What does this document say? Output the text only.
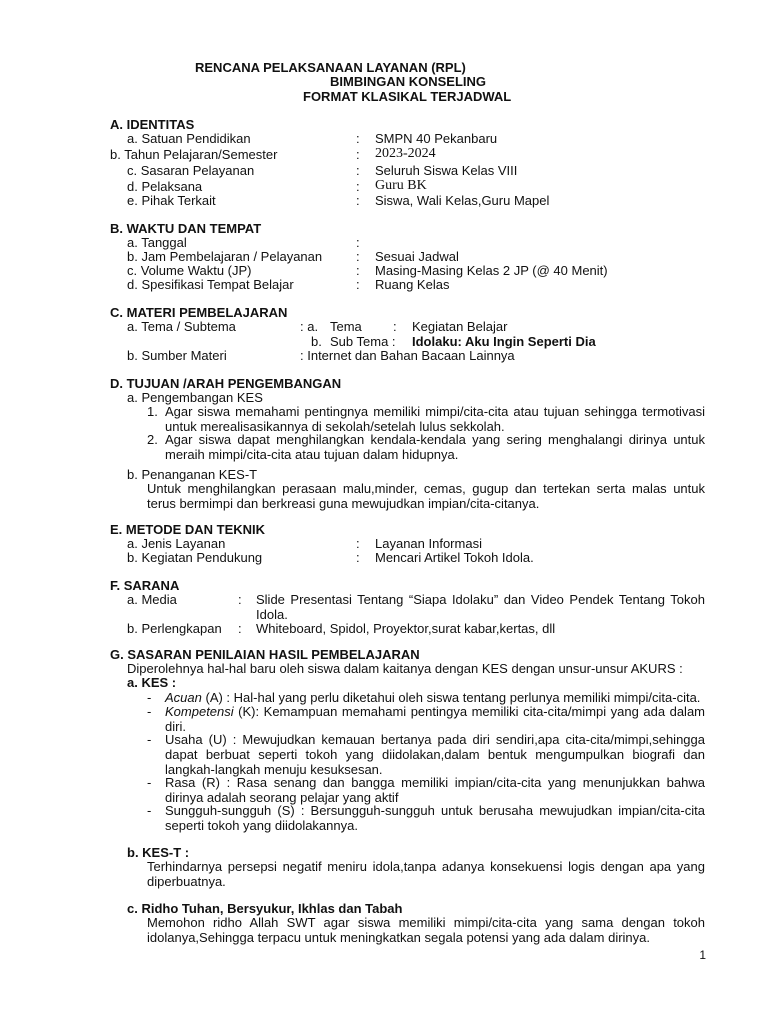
RENCANA PELAKSANAAN LAYANAN (RPL)
BIMBINGAN KONSELING
FORMAT KLASIKAL TERJADWAL
A. IDENTITAS
a. Satuan Pendidikan	: SMPN 40 Pekanbaru
b. Tahun Pelajaran/Semester	: 2023-2024
c. Sasaran Pelayanan	: Seluruh Siswa Kelas VIII
d. Pelaksana	: Guru BK
e. Pihak Terkait	: Siswa, Wali Kelas,Guru Mapel
B. WAKTU DAN TEMPAT
a. Tanggal	:
b. Jam Pembelajaran / Pelayanan	: Sesuai Jadwal
c. Volume Waktu (JP)	: Masing-Masing Kelas 2 JP (@ 40 Menit)
d. Spesifikasi Tempat Belajar	: Ruang Kelas
C. MATERI PEMBELAJARAN
a. Tema / Subtema	: a. Tema : Kegiatan Belajar
b. Sub Tema : Idolaku: Aku Ingin Seperti Dia
b. Sumber Materi	: Internet dan Bahan Bacaan Lainnya
D. TUJUAN /ARAH PENGEMBANGAN
a. Pengembangan KES
1. Agar siswa memahami pentingnya memiliki mimpi/cita-cita atau tujuan sehingga termotivasi untuk merealisasikannya di sekolah/setelah lulus sekkolah.
2. Agar siswa dapat menghilangkan kendala-kendala yang sering menghalangi dirinya untuk meraih mimpi/cita-cita atau tujuan dalam hidupnya.
b. Penanganan KES-T
Untuk menghilangkan perasaan malu,minder, cemas, gugup dan tertekan serta malas untuk terus bermimpi dan berkreasi guna mewujudkan impian/cita-citanya.
E. METODE DAN TEKNIK
a. Jenis Layanan	: Layanan Informasi
b. Kegiatan Pendukung	: Mencari Artikel Tokoh Idola.
F. SARANA
a. Media	: Slide Presentasi Tentang “Siapa Idolaku” dan Video Pendek Tentang Tokoh Idola.
b. Perlengkapan : Whiteboard, Spidol, Proyektor,surat kabar,kertas, dll
G. SASARAN PENILAIAN HASIL PEMBELAJARAN
Diperolehnya hal-hal baru oleh siswa dalam kaitanya dengan KES dengan unsur-unsur AKURS :
a. KES :
- Acuan (A) : Hal-hal yang perlu diketahui oleh siswa tentang perlunya memiliki mimpi/cita-cita.
- Kompetensi (K): Kemampuan memahami pentingya memiliki cita-cita/mimpi yang ada dalam diri.
- Usaha (U) : Mewujudkan kemauan bertanya pada diri sendiri,apa cita-cita/mimpi,sehingga dapat berbuat seperti tokoh yang diidolakan,dalam bentuk mengumpulkan biografi dan langkah-langkah menuju kesuksesan.
- Rasa (R) : Rasa senang dan bangga memiliki impian/cita-cita yang menunjukkan bahwa dirinya adalah seorang pelajar yang aktif
- Sungguh-sungguh (S) : Bersungguh-sungguh untuk berusaha mewujudkan impian/cita-cita seperti tokoh yang diidolakannya.
b. KES-T :
Terhindarnya persepsi negatif meniru idola,tanpa adanya konsekuensi logis dengan apa yang diperbuatnya.
c. Ridho Tuhan, Bersyukur, Ikhlas dan Tabah
Memohon ridho Allah SWT agar siswa memiliki mimpi/cita-cita yang sama dengan tokoh idolanya,Sehingga terpacu untuk meningkatkan segala potensi yang ada dalam dirinya.
1
